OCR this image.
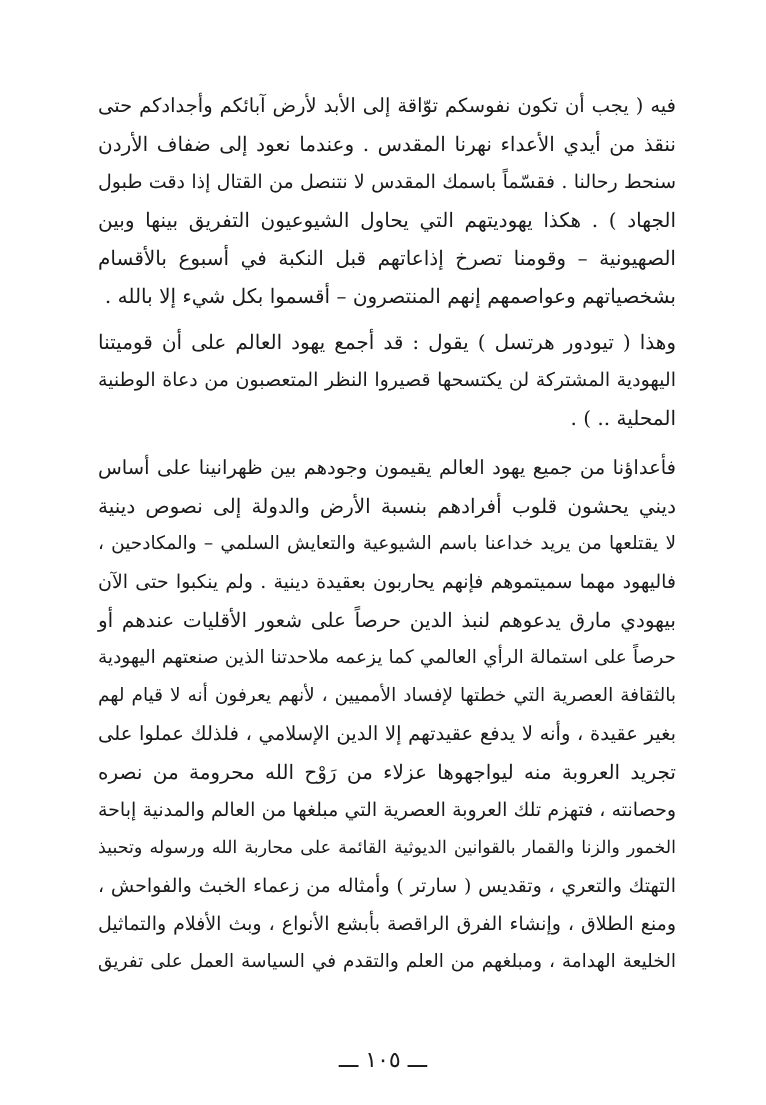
فيه ( يجب أن تكون نفوسكم توّاقة إلى الأبد لأرض آبائكم وأجدادكم حتى
ننقذ من أيدي الأعداء نهرنا المقدس . وعندما نعود إلى ضفاف الأردن
سنحط رحالنا . فقسّماً باسمك المقدس لا نتنصل من القتال إذا دقت طبول
الجهاد ) . هكذا يهوديتهم التي يحاول الشيوعيون التفريق بينها وبين
الصهيونية – وقومنا تصرخ إذاعاتهم قبل النكبة في أسبوع بالأقسام
بشخصياتهم وعواصمهم إنهم المنتصرون – أقسموا بكل شيء إلا بالله .
وهذا ( تيودور هرتسل ) يقول : قد أجمع يهود العالم على أن قوميتنا
اليهودية المشتركة لن يكتسحها قصيروا النظر المتعصبون من دعاة الوطنية
المحلية .. ) .
فأعداؤنا من جميع يهود العالم يقيمون وجودهم بين ظهرانينا على أساس
ديني يحشون قلوب أفرادهم بنسبة الأرض والدولة إلى نصوص دينية
لا يقتلعها من يريد خداعنا باسم الشيوعية والتعايش السلمي – والمكادحين ،
فاليهود مهما سميتموهم فإنهم يحاربون بعقيدة دينية . ولم ينكبوا حتى الآن
بيهودي مارق يدعوهم لنبذ الدين حرصاً على شعور الأقليات عندهم أو
حرصاً على استمالة الرأي العالمي كما يزعمه ملاحدتنا الذين صنعتهم اليهودية
بالثقافة العصرية التي خطتها لإفساد الأمميين ، لأنهم يعرفون أنه لا قيام لهم
بغير عقيدة ، وأنه لا يدفع عقيدتهم إلا الدين الإسلامي ، فلذلك عملوا على
تجريد العروبة منه ليواجهوها عزلاء من رَوْح الله محرومة من نصره
وحصانته ، فتهزم تلك العروبة العصرية التي مبلغها من العالم والمدنية إباحة
الخمور والزنا والقمار بالقوانين الديوثية القائمة على محاربة الله ورسوله وتحبيذ
التهتك والتعري ، وتقديس ( سارتر ) وأمثاله من زعماء الخبث والفواحش ،
ومنع الطلاق ، وإنشاء الفرق الراقصة بأبشع الأنواع ، وبث الأفلام والتماثيل
الخليعة الهدامة ، ومبلغهم من العلم والتقدم في السياسة العمل على تفريق
ـــ ١٠٥ ـــ
